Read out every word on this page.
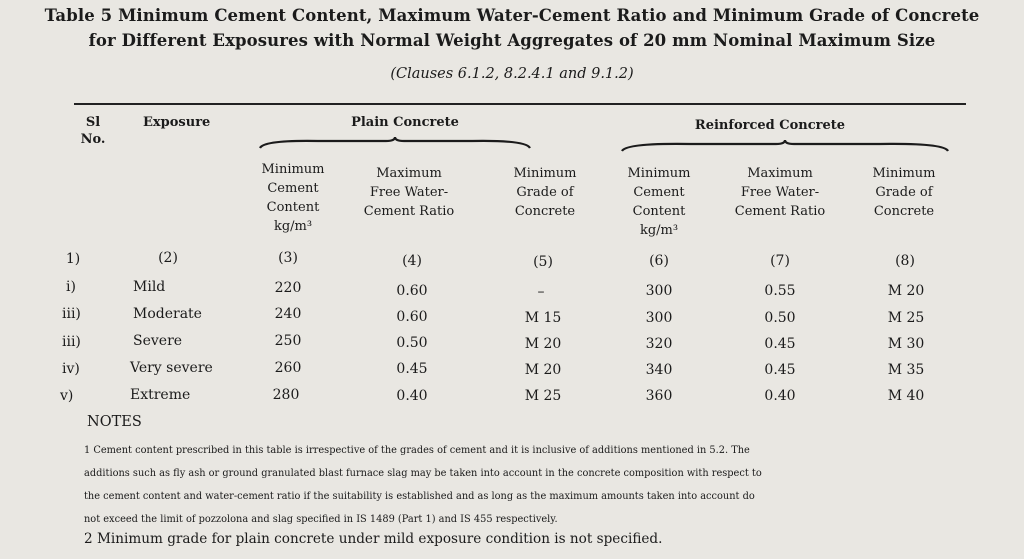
Table 5 Minimum Cement Content, Maximum Water-Cement Ratio and Minimum Grade of Concrete
for Different Exposures with Normal Weight Aggregates of 20 mm Nominal Maximum Size
(Clauses 6.1.2, 8.2.4.1 and 9.1.2)
Sl No.
Exposure	Plain Concrete	Reinforced Concrete
Minimum
Cement
Content
kg/m³
Maximum
Free Water-
Cement Ratio
Minimum
Grade of
Concrete
Minimum
Cement
Content
kg/m³
Maximum
Free Water-
Cement Ratio
Minimum
Grade of
Concrete
1)	(2)	(3)	(4)	(5)	(6)	(7)	(8)
i)	Mild	220	0.60	–	300	0.55	M 20
iii)	Moderate	240	0.60	M 15	300	0.50	M 25
iii)	Severe	250	0.50	M 20	320	0.45	M 30
iv)	Very severe	260	0.45	M 20	340	0.45	M 35
v)	Extreme	280	0.40	M 25	360	0.40	M 40
NOTES
1 Cement content prescribed in this table is irrespective of the grades of cement and it is inclusive of additions mentioned in 5.2. The
additions such as fly ash or ground granulated blast furnace slag may be taken into account in the concrete composition with respect to
the cement content and water-cement ratio if the suitability is established and as long as the maximum amounts taken into account do
not exceed the limit of pozzolona and slag specified in IS 1489 (Part 1) and IS 455 respectively.
2 Minimum grade for plain concrete under mild exposure condition is not specified.
